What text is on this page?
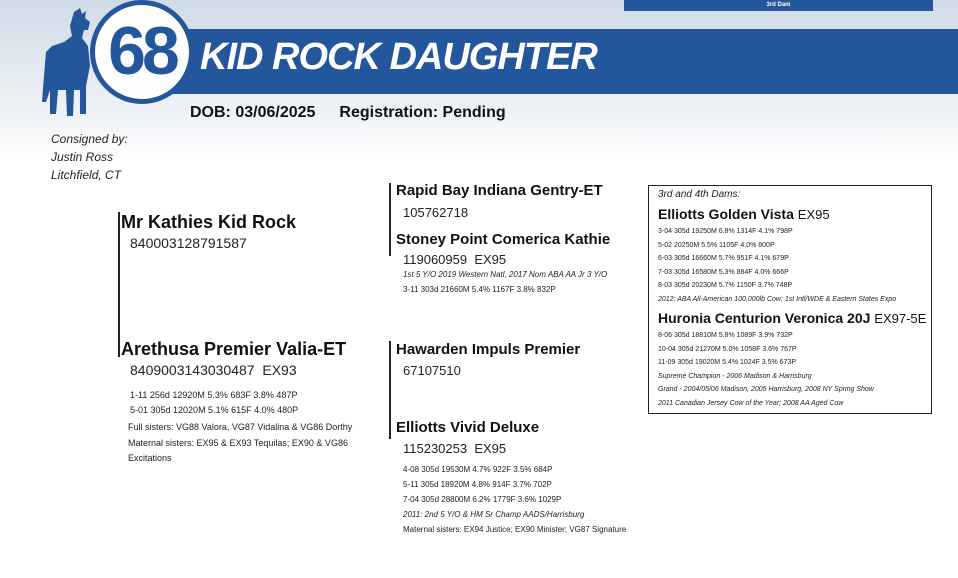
3rd Dam
KID ROCK DAUGHTER
68
DOB: 03/06/2025 Registration: Pending
Consigned by:
Justin Ross
Litchfield, CT
Mr Kathies Kid Rock
840003128791587
Arethusa Premier Valia-ET
8409003143030487 EX93
1-11 256d 12920M 5.3% 683F 3.8% 487P
5-01 305d 12020M 5.1% 615F 4.0% 480P
Full sisters: VG88 Valora, VG87 Vidalina & VG86 Dorthy
Maternal sisters: EX95 & EX93 Tequilas; EX90 & VG86
Excitations
Rapid Bay Indiana Gentry-ET
105762718
Stoney Point Comerica Kathie
119060959 EX95
1st 5 Y/O 2019 Western Natl, 2017 Nom ABA AA Jr 3 Y/O
3-11 303d 21660M 5.4% 1167F 3.8% 832P
Hawarden Impuls Premier
67107510
Elliotts Vivid Deluxe
115230253 EX95
4-08 305d 19530M 4.7% 922F 3.5% 684P
5-11 305d 18920M 4.8% 914F 3.7% 702P
7-04 305d 28800M 6.2% 1779F 3.6% 1029P
2011: 2nd 5 Y/O & HM Sr Champ AADS/Harrisburg
Maternal sisters: EX94 Justice; EX90 Minister; VG87 Signature
3rd and 4th Dams:
Elliotts Golden Vista EX95
3-04 305d 19250M 6.8% 1314F 4.1% 798P
5-02 20250M 5.5% 1105F 4.0% 800P
6-03 305d 16660M 5.7% 951F 4.1% 679P
7-03 305d 16580M 5.3% 884F 4.0% 666P
8-03 305d 20230M 5.7% 1150F 3.7% 748P
2012: ABA All-American 100,000lb Cow; 1st Intl/WDE & Eastern States Expo
Huronia Centurion Veronica 20J EX97-5E
8-06 305d 18810M 5.8% 1089F 3.9% 732P
10-04 305d 21270M 5.0% 1058F 3.6% 767P
11-09 305d 19020M 5.4% 1024F 3.5% 673P
Supreme Champion - 2006 Madison & Harrisburg
Grand - 2004/05/06 Madison, 2005 Harrisburg, 2008 NY Spring Show
2011 Canadian Jersey Cow of the Year; 2008 AA Aged Cow
